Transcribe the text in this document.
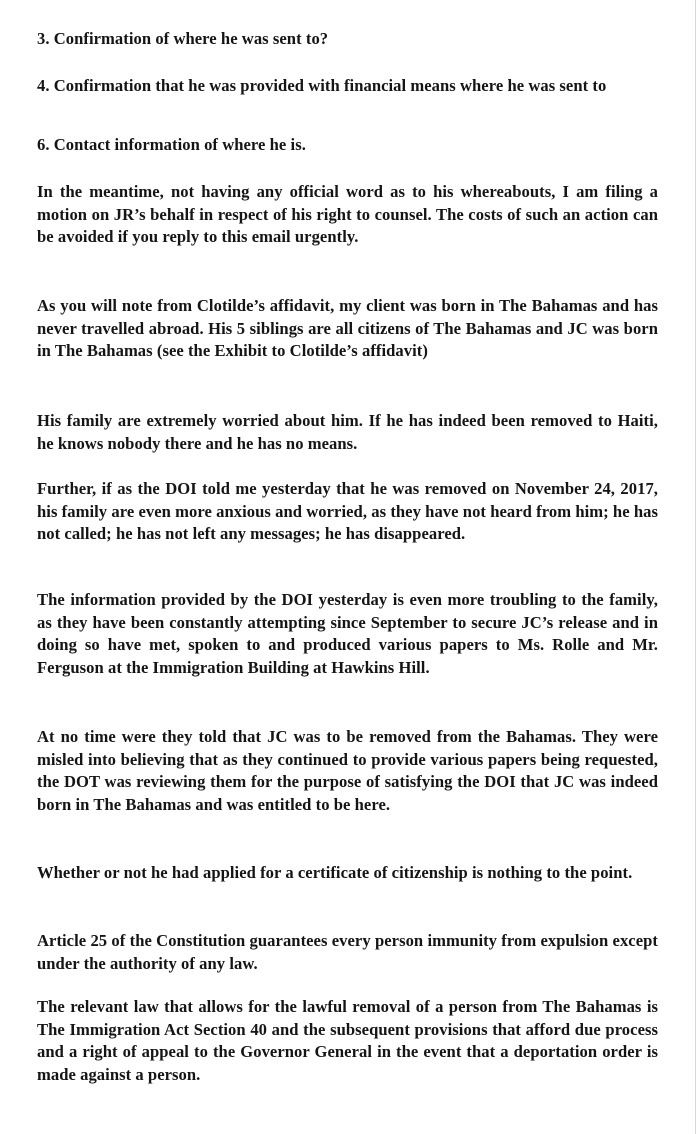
3. Confirmation of where he was sent to?

4. Confirmation that he was provided with financial means where he was sent to

6. Contact information of where he is.

In the meantime, not having any official word as to his whereabouts, I am filing a motion on JR’s behalf in respect of his right to counsel. The costs of such an action can be avoided if you reply to this email urgently.

As you will note from Clotilde’s affidavit, my client was born in The Bahamas and has never travelled abroad. His 5 siblings are all citizens of The Bahamas and JC was born in The Bahamas (see the Exhibit to Clotilde’s affidavit)

His family are extremely worried about him. If he has indeed been removed to Haiti, he knows nobody there and he has no means.

Further, if as the DOI told me yesterday that he was removed on November 24, 2017, his family are even more anxious and worried, as they have not heard from him; he has not called; he has not left any messages; he has disappeared.

The information provided by the DOI yesterday is even more troubling to the family, as they have been constantly attempting since September to secure JC’s release and in doing so have met, spoken to and produced various papers to Ms. Rolle and Mr. Ferguson at the Immigration Building at Hawkins Hill.

At no time were they told that JC was to be removed from the Bahamas. They were misled into believing that as they continued to provide various papers being requested, the DOT was reviewing them for the purpose of satisfying the DOI that JC was indeed born in The Bahamas and was entitled to be here.

Whether or not he had applied for a certificate of citizenship is nothing to the point.

Article 25 of the Constitution guarantees every person immunity from expulsion except under the authority of any law.

The relevant law that allows for the lawful removal of a person from The Bahamas is The Immigration Act Section 40 and the subsequent provisions that afford due process and a right of appeal to the Governor General in the event that a deportation order is made against a person.
